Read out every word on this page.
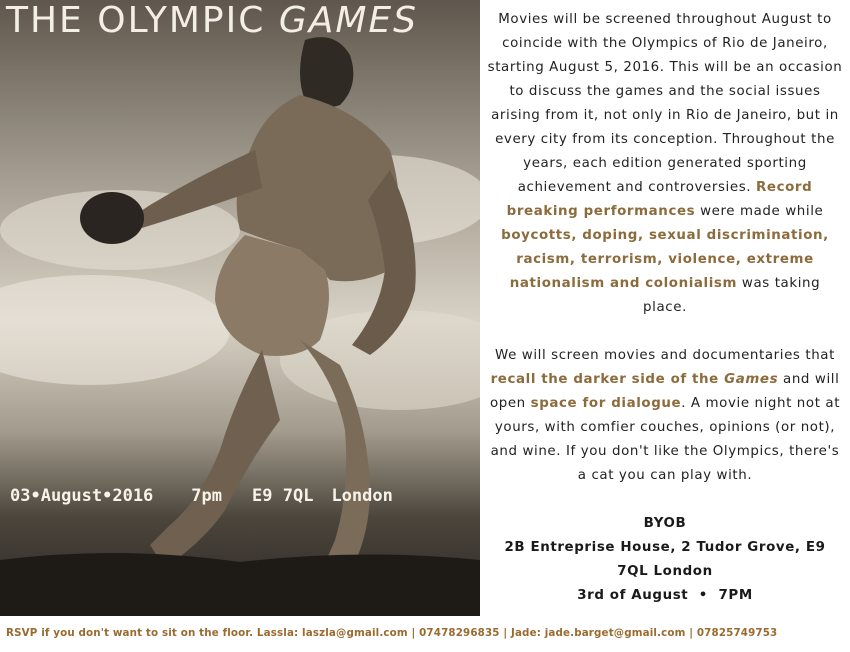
THE OLYMPIC GAMES
03•August•2016 7pm E9 7QL London

Movies will be screened throughout August to coincide with the Olympics of Rio de Janeiro, starting August 5, 2016. This will be an occasion to discuss the games and the social issues arising from it, not only in Rio de Janeiro, but in every city from its conception. Throughout the years, each edition generated sporting achievement and controversies. Record breaking performances were made while boycotts, doping, sexual discrimination, racism, terrorism, violence, extreme nationalism and colonialism was taking place.

We will screen movies and documentaries that recall the darker side of the Games and will open space for dialogue. A movie night not at yours, with comfier couches, opinions (or not), and wine. If you don't like the Olympics, there's a cat you can play with.

BYOB

2B Entreprise House, 2 Tudor Grove, E9

7QL London

3rd of August  •  7PM

RSVP if you don't want to sit on the floor. Lassla: laszla@gmail.com | 07478296835 | Jade: jade.barget@gmail.com | 07825749753
